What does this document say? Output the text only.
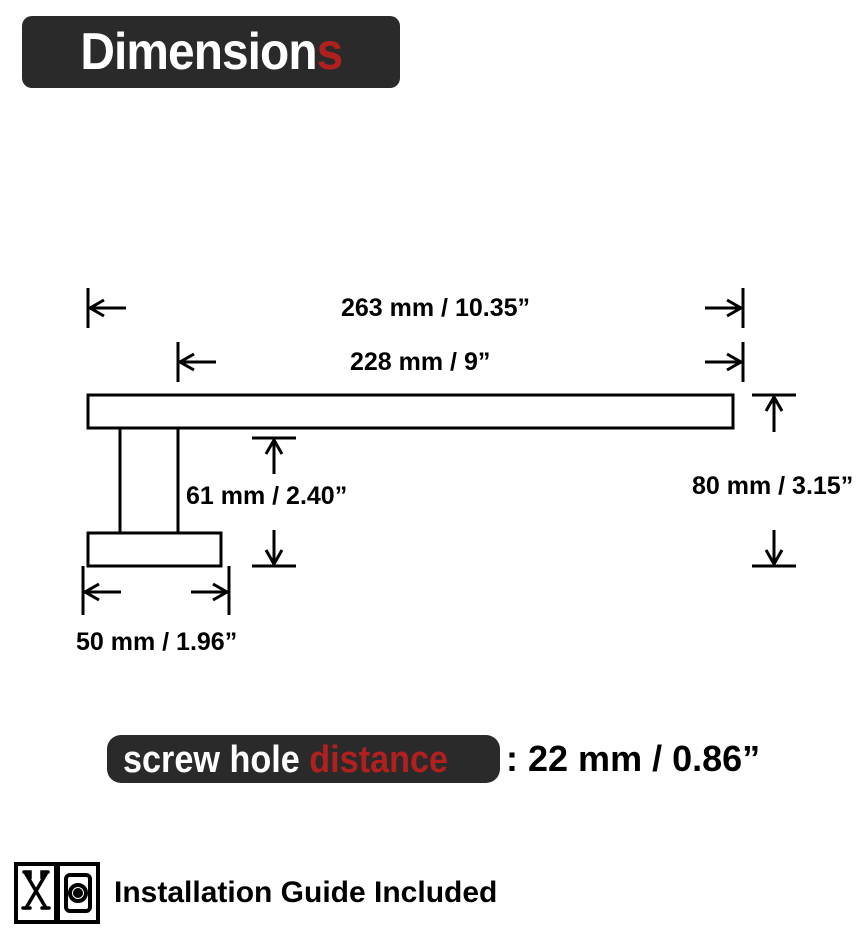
Dimensions
263 mm / 10.35”
228 mm / 9”
61 mm / 2.40”	80 mm / 3.15”
50 mm / 1.96”
screw hole distance : 22 mm / 0.86”
Installation Guide Included
